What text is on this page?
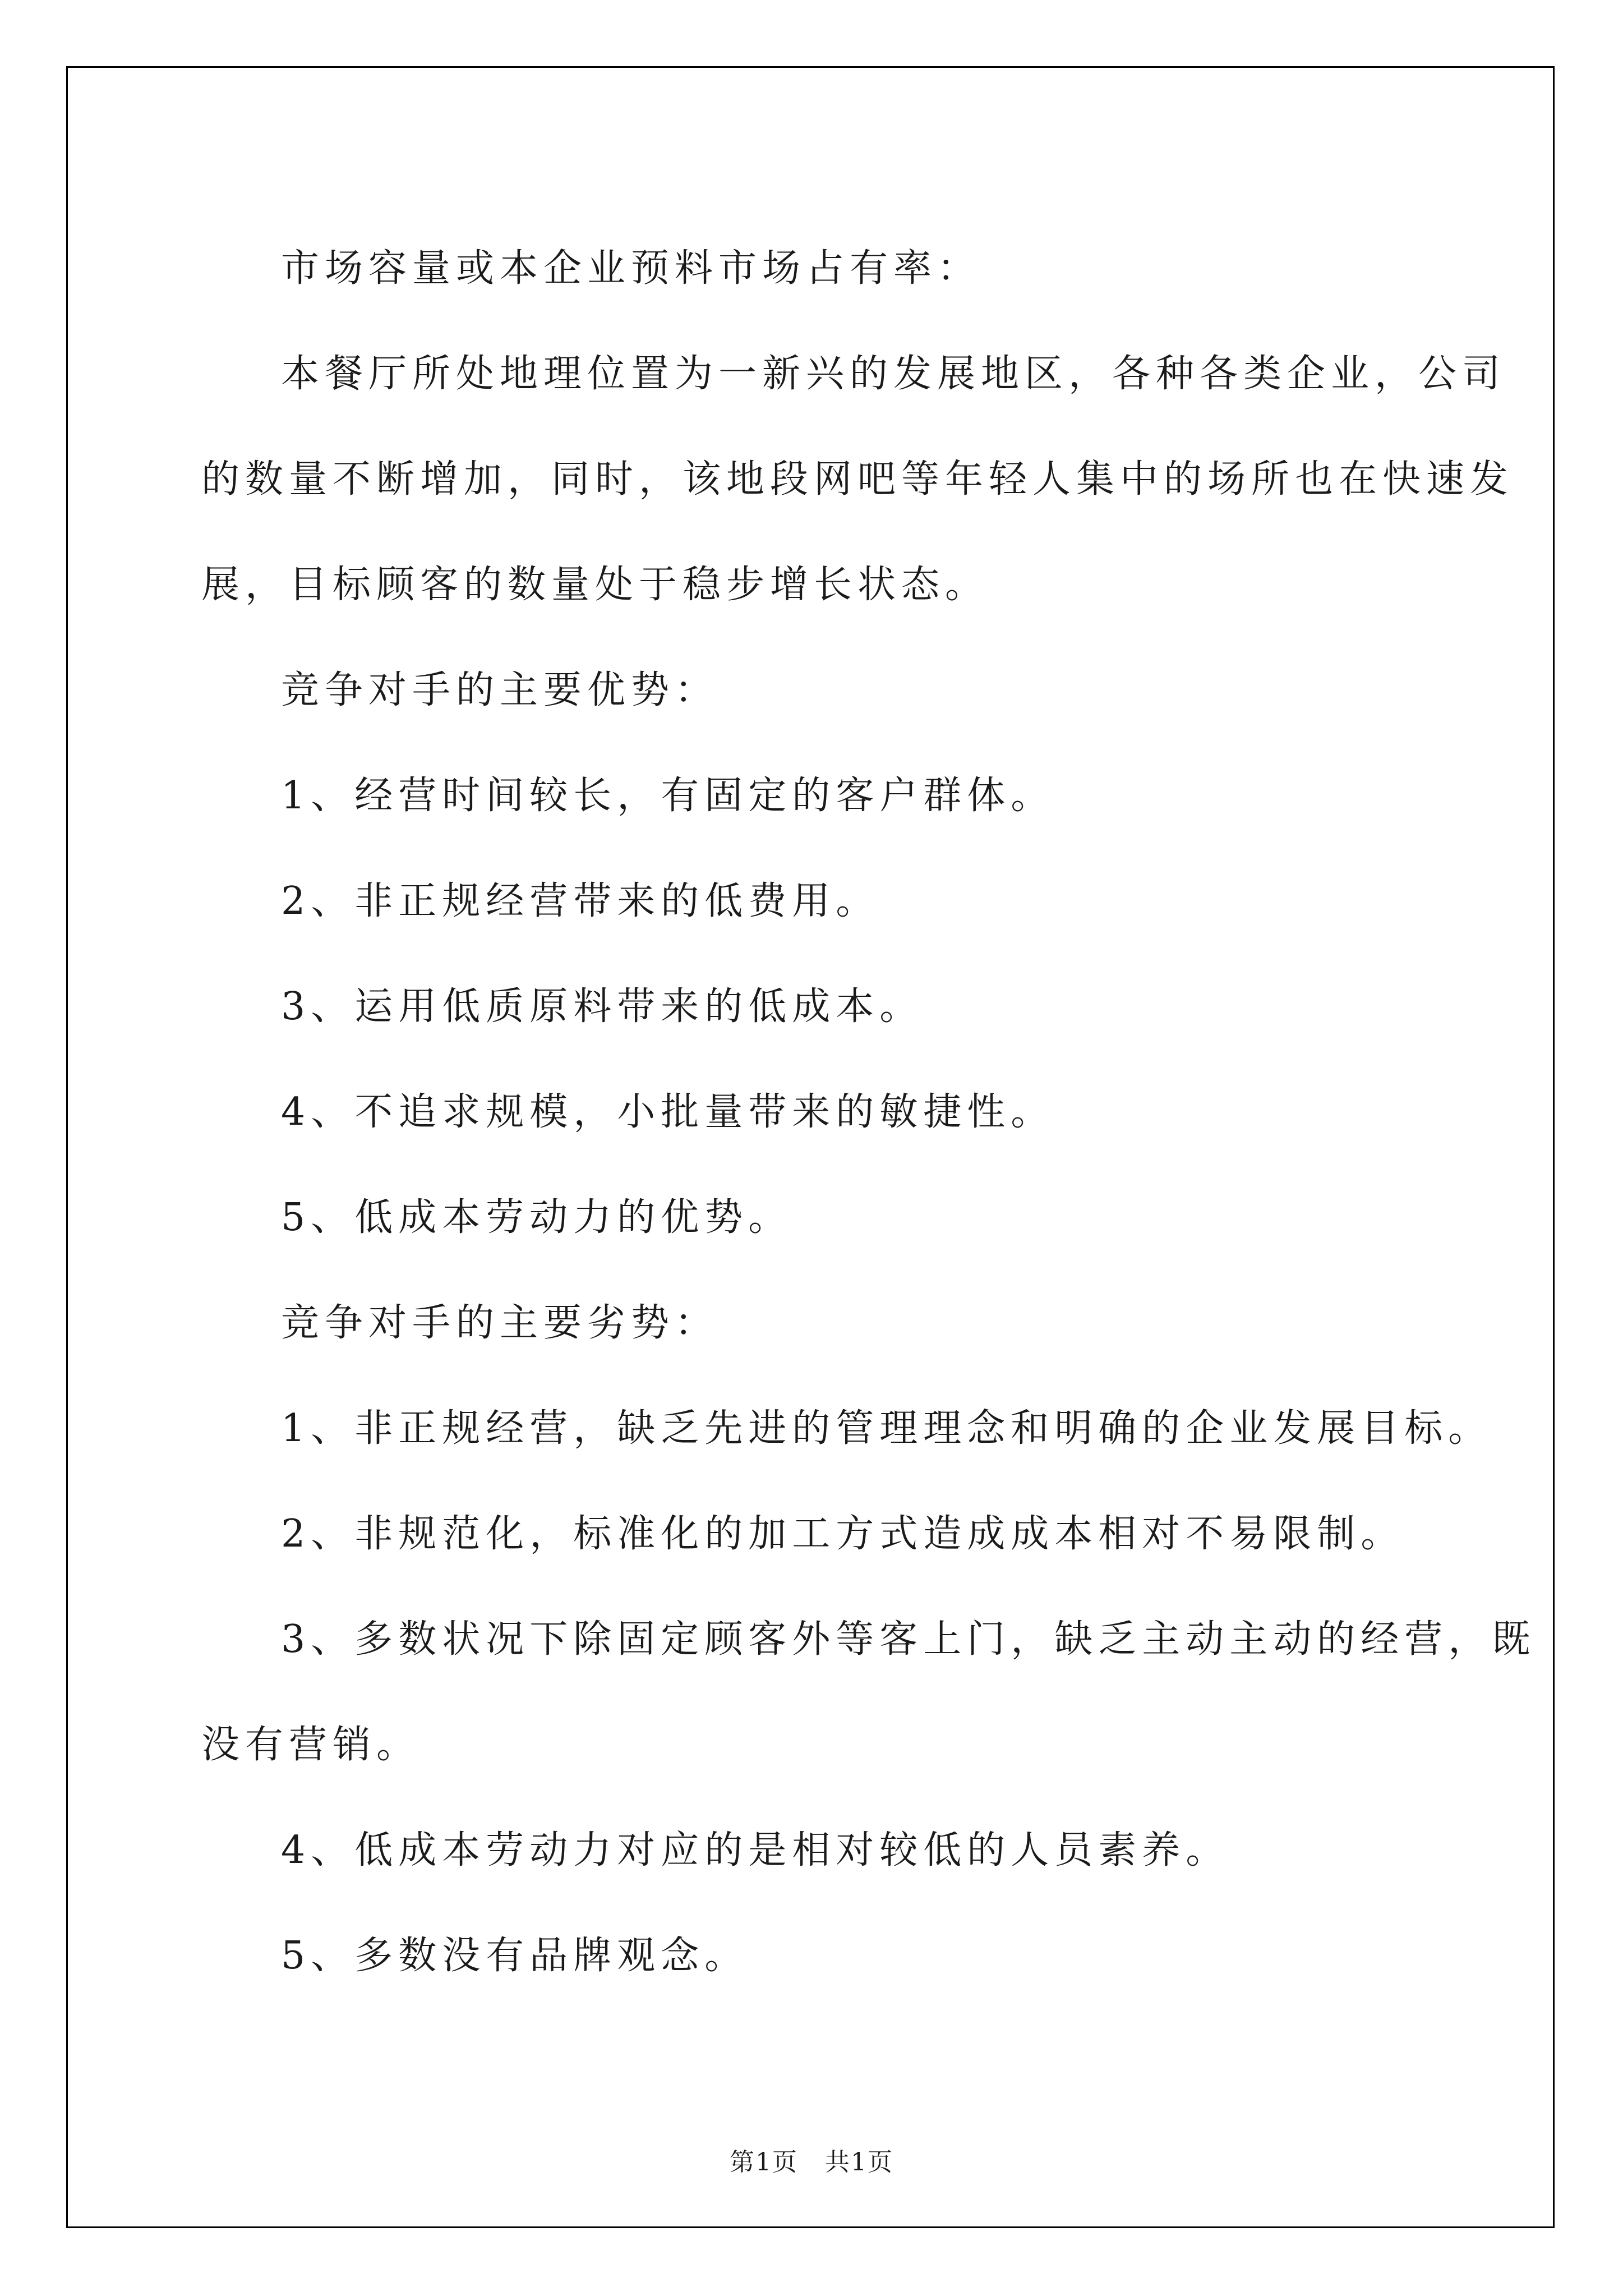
市场容量或本企业预料市场占有率：

本餐厅所处地理位置为一新兴的发展地区，各种各类企业，公司

的数量不断增加，同时，该地段网吧等年轻人集中的场所也在快速发

展，目标顾客的数量处于稳步增长状态。

竞争对手的主要优势：

1、经营时间较长，有固定的客户群体。

2、非正规经营带来的低费用。

3、运用低质原料带来的低成本。

4、不追求规模，小批量带来的敏捷性。

5、低成本劳动力的优势。

竞争对手的主要劣势：

1、非正规经营，缺乏先进的管理理念和明确的企业发展目标。

2、非规范化，标准化的加工方式造成成本相对不易限制。

3、多数状况下除固定顾客外等客上门，缺乏主动主动的经营，既

没有营销。

4、低成本劳动力对应的是相对较低的人员素养。

5、多数没有品牌观念。

第1页 共1页
